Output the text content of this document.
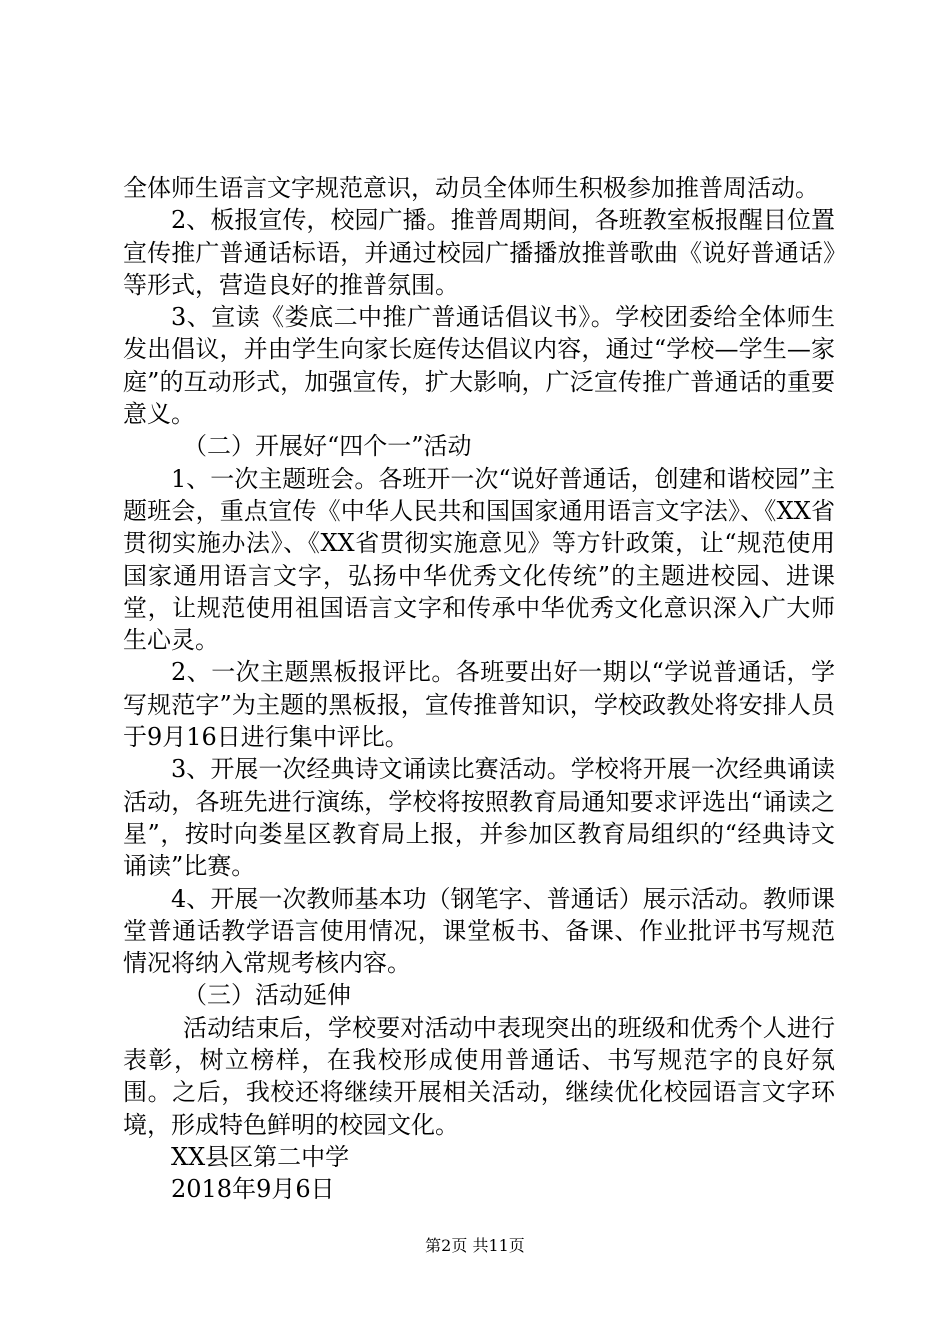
全体师生语言文字规范意识，动员全体师生积极参加推普周活动。

2、板报宣传，校园广播。推普周期间，各班教室板报醒目位置宣传推广普通话标语，并通过校园广播播放推普歌曲《说好普通话》等形式，营造良好的推普氛围。

3、宣读《娄底二中推广普通话倡议书》。学校团委给全体师生发出倡议，并由学生向家长庭传达倡议内容，通过“学校—学生—家庭”的互动形式，加强宣传，扩大影响，广泛宣传推广普通话的重要意义。

（二）开展好“四个一”活动

1、一次主题班会。各班开一次“说好普通话，创建和谐校园”主题班会，重点宣传《中华人民共和国国家通用语言文字法》、《XX省贯彻实施办法》、《XX省贯彻实施意见》等方针政策，让“规范使用国家通用语言文字，弘扬中华优秀文化传统”的主题进校园、进课堂，让规范使用祖国语言文字和传承中华优秀文化意识深入广大师生心灵。

2、一次主题黑板报评比。各班要出好一期以“学说普通话，学写规范字”为主题的黑板报，宣传推普知识，学校政教处将安排人员于9月16日进行集中评比。

3、开展一次经典诗文诵读比赛活动。学校将开展一次经典诵读活动，各班先进行演练，学校将按照教育局通知要求评选出“诵读之星”，按时向娄星区教育局上报，并参加区教育局组织的“经典诗文诵读”比赛。

4、开展一次教师基本功（钢笔字、普通话）展示活动。教师课堂普通话教学语言使用情况，课堂板书、备课、作业批评书写规范情况将纳入常规考核内容。

（三）活动延伸

活动结束后，学校要对活动中表现突出的班级和优秀个人进行表彰，树立榜样，在我校形成使用普通话、书写规范字的良好氛围。之后，我校还将继续开展相关活动，继续优化校园语言文字环境，形成特色鲜明的校园文化。

XX县区第二中学

2018年9月6日

第2页 共11页
